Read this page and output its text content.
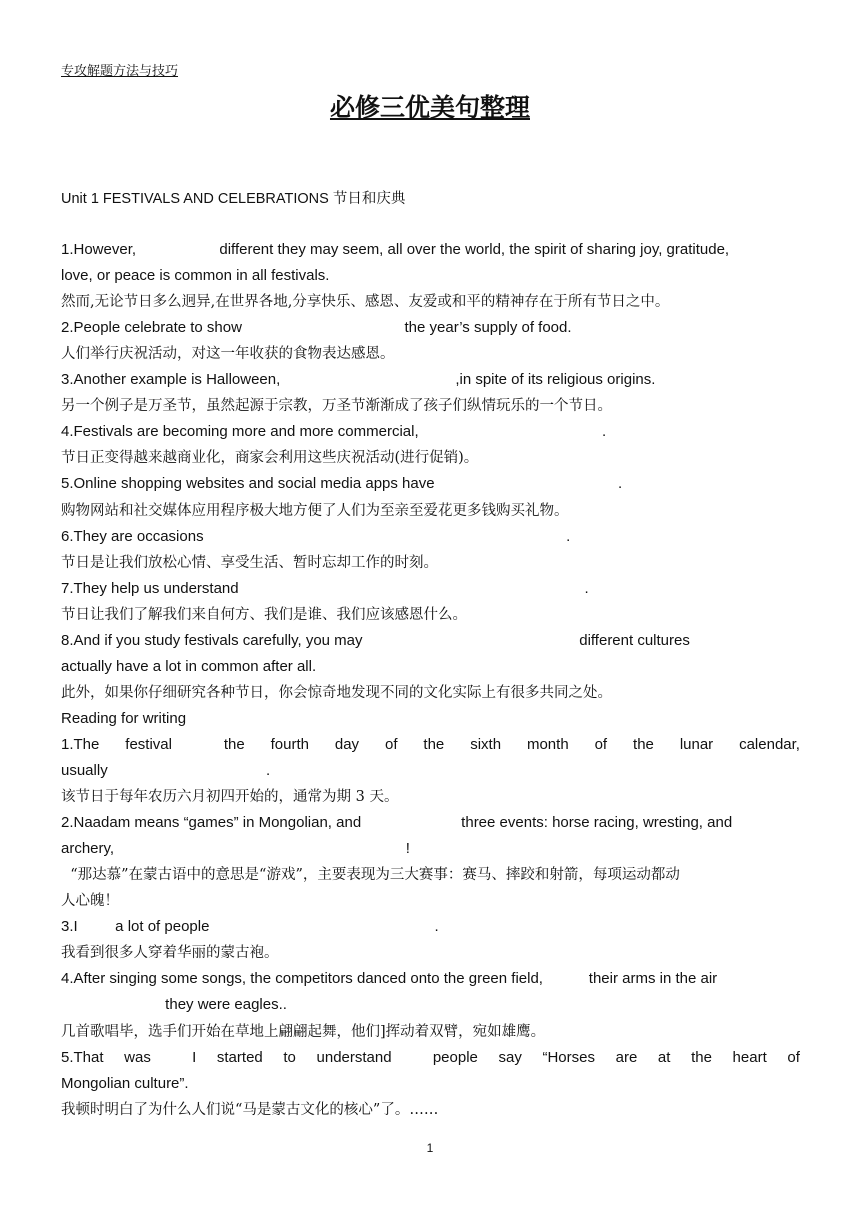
专攻解题方法与技巧
必修三优美句整理
Unit 1 FESTIVALS AND CELEBRATIONS 节日和庆典
1.However,                    different they may seem, all over the world, the spirit of sharing joy, gratitude,
love, or peace is common in all festivals.
然而,无论节日多么迥异,在世界各地,分享快乐、感恩、友爱或和平的精神存在于所有节日之中。
2.People celebrate to show                                       the year’s supply of food.
人们举行庆祝活动，对这一年收获的食物表达感恩。
3.Another example is Halloween,                                          ,in spite of its religious origins.
另一个例子是万圣节，虽然起源于宗教，万圣节渐渐成了孩子们纵情玩乐的一个节日。
4.Festivals are becoming more and more commercial,                                            .
节日正变得越来越商业化，商家会利用这些庆祝活动(进行促销)。
5.Online shopping websites and social media apps have                                            .
购物网站和社交媒体应用程序极大地方便了人们为至亲至爱花更多钱购买礼物。
6.They are occasions                                                                                       .
节日是让我们放松心情、享受生活、暂时忘却工作的时刻。
7.They help us understand                                                                                   .
节日让我们了解我们来自何方、我们是谁、我们应该感恩什么。
8.And if you study festivals carefully, you may                                                    different cultures
actually have a lot in common after all.
此外，如果你仔细研究各种节日，你会惊奇地发现不同的文化实际上有很多共同之处。
Reading for writing
1.The festival	the fourth day of the sixth month of the lunar calendar,
usually                                      .
该节日于每年农历六月初四开始的，通常为期 3 天。
2.Naadam means “games” in Mongolian, and                        three events: horse racing, wresting, and
archery,                                                                      !
“那达慕”在蒙古语中的意思是“游戏”，主要表现为三大赛事：赛马、摔跤和射箭，每项运动都动
人心魄！
3.I         a lot of people                                                      .
我看到很多人穿着华丽的蒙古袍。
4.After singing some songs, the competitors danced onto the green field,           their arms in the air
they were eagles..
几首歌唱毕，选手们开始在草地上翩翩起舞，他们]挥动着双臂，宛如雄鹰。
5.That was	I started to understand	people say “Horses are at the heart of
Mongolian culture”.
我顿时明白了为什么人们说“马是蒙古文化的核心”了。……
1
